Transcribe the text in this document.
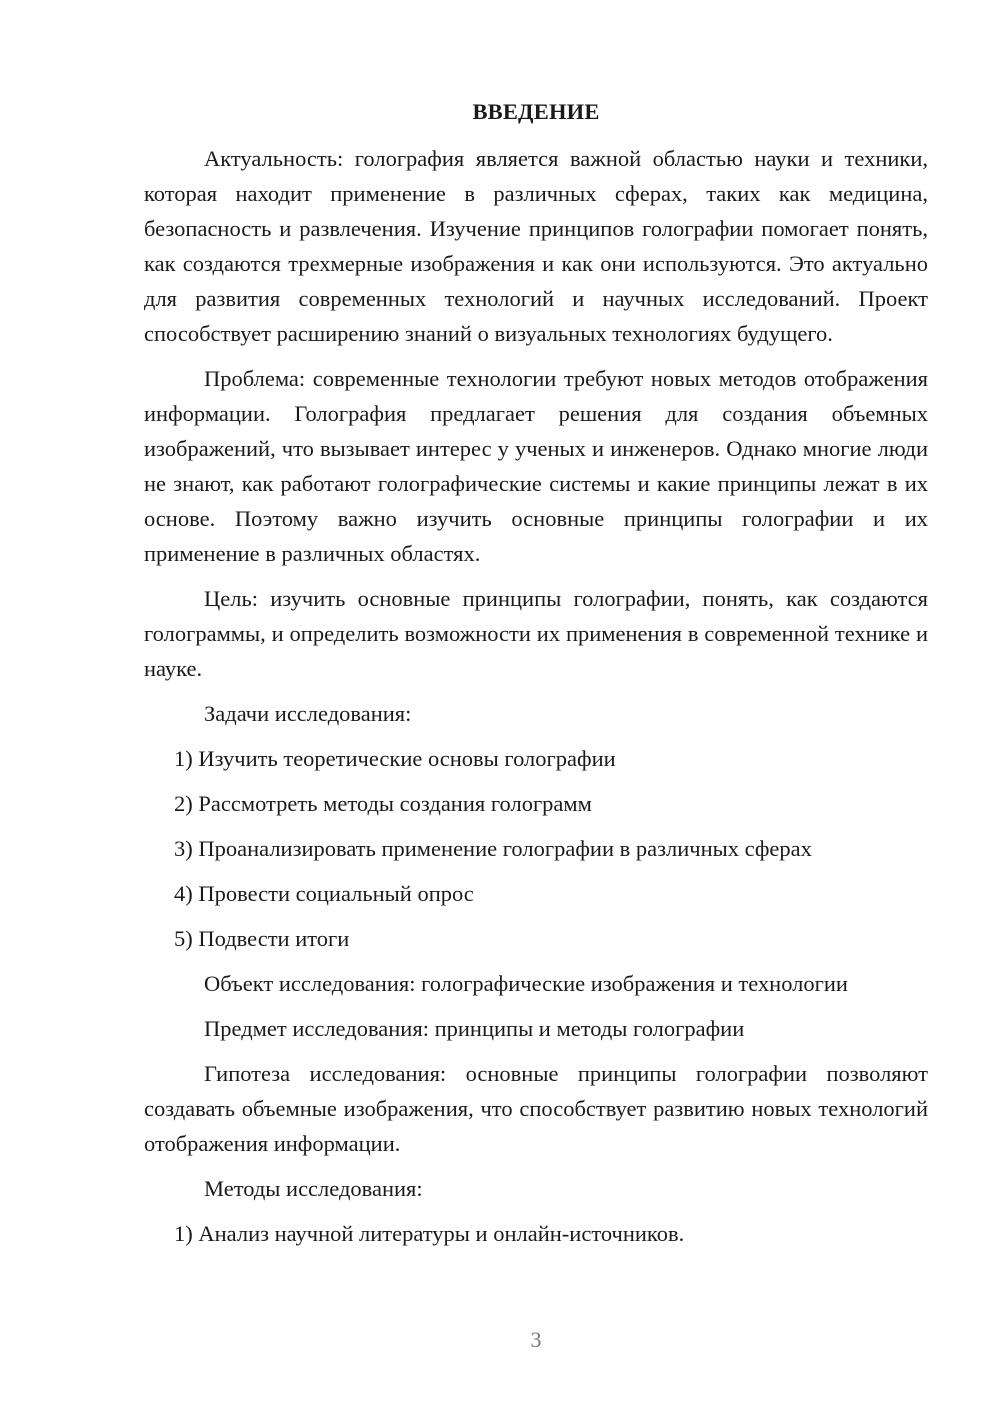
ВВЕДЕНИЕ

Актуальность: голография является важной областью науки и техники, которая находит применение в различных сферах, таких как медицина, безопасность и развлечения. Изучение принципов голографии помогает понять, как создаются трехмерные изображения и как они используются. Это актуально для развития современных технологий и научных исследований. Проект способствует расширению знаний о визуальных технологиях будущего.

Проблема: современные технологии требуют новых методов отображения информации. Голография предлагает решения для создания объемных изображений, что вызывает интерес у ученых и инженеров. Однако многие люди не знают, как работают голографические системы и какие принципы лежат в их основе. Поэтому важно изучить основные принципы голографии и их применение в различных областях.

Цель: изучить основные принципы голографии, понять, как создаются голограммы, и определить возможности их применения в современной технике и науке.

Задачи исследования:

1) Изучить теоретические основы голографии

2) Рассмотреть методы создания голограмм

3) Проанализировать применение голографии в различных сферах

4) Провести социальный опрос

5) Подвести итоги

Объект исследования: голографические изображения и технологии

Предмет исследования: принципы и методы голографии

Гипотеза исследования: основные принципы голографии позволяют создавать объемные изображения, что способствует развитию новых технологий отображения информации.

Методы исследования:

1) Анализ научной литературы и онлайн-источников.

3
